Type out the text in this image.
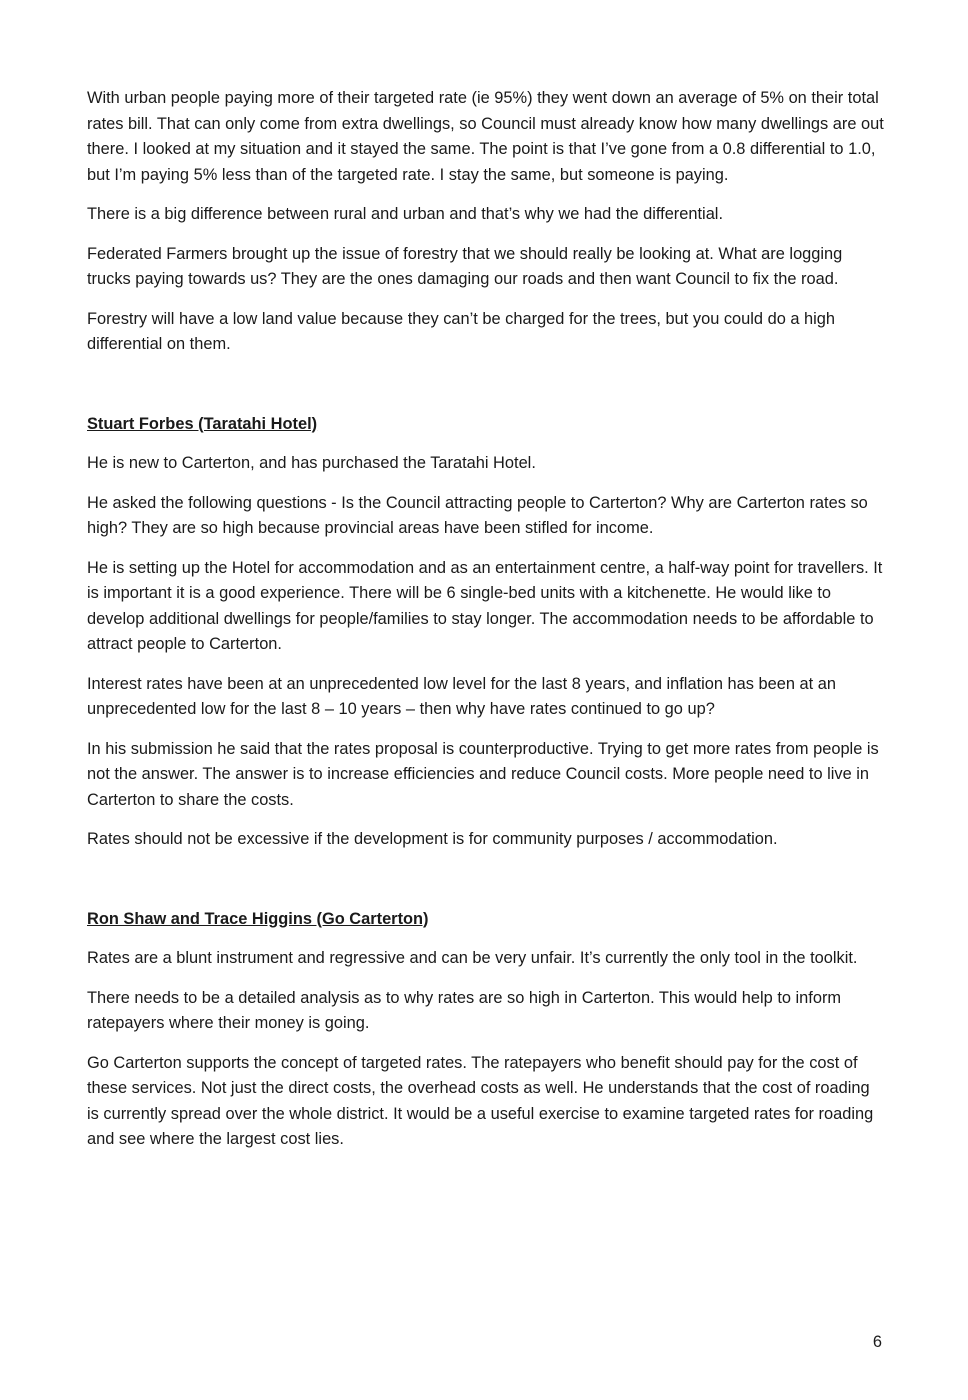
With urban people paying more of their targeted rate (ie 95%) they went down an average of 5% on their total rates bill. That can only come from extra dwellings, so Council must already know how many dwellings are out there. I looked at my situation and it stayed the same. The point is that I’ve gone from a 0.8 differential to 1.0, but I’m paying 5% less than of the targeted rate. I stay the same, but someone is paying.

There is a big difference between rural and urban and that’s why we had the differential.

Federated Farmers brought up the issue of forestry that we should really be looking at. What are logging trucks paying towards us? They are the ones damaging our roads and then want Council to fix the road.

Forestry will have a low land value because they can’t be charged for the trees, but you could do a high differential on them.

Stuart Forbes (Taratahi Hotel)

He is new to Carterton, and has purchased the Taratahi Hotel.

He asked the following questions - Is the Council attracting people to Carterton? Why are Carterton rates so high? They are so high because provincial areas have been stifled for income.

He is setting up the Hotel for accommodation and as an entertainment centre, a half-way point for travellers. It is important it is a good experience. There will be 6 single-bed units with a kitchenette. He would like to develop additional dwellings for people/families to stay longer. The accommodation needs to be affordable to attract people to Carterton.

Interest rates have been at an unprecedented low level for the last 8 years, and inflation has been at an unprecedented low for the last 8 – 10 years – then why have rates continued to go up?

In his submission he said that the rates proposal is counterproductive. Trying to get more rates from people is not the answer. The answer is to increase efficiencies and reduce Council costs. More people need to live in Carterton to share the costs.

Rates should not be excessive if the development is for community purposes / accommodation.

Ron Shaw and Trace Higgins (Go Carterton)

Rates are a blunt instrument and regressive and can be very unfair. It’s currently the only tool in the toolkit.

There needs to be a detailed analysis as to why rates are so high in Carterton. This would help to inform ratepayers where their money is going.

Go Carterton supports the concept of targeted rates. The ratepayers who benefit should pay for the cost of these services. Not just the direct costs, the overhead costs as well. He understands that the cost of roading is currently spread over the whole district. It would be a useful exercise to examine targeted rates for roading and see where the largest cost lies.

6
